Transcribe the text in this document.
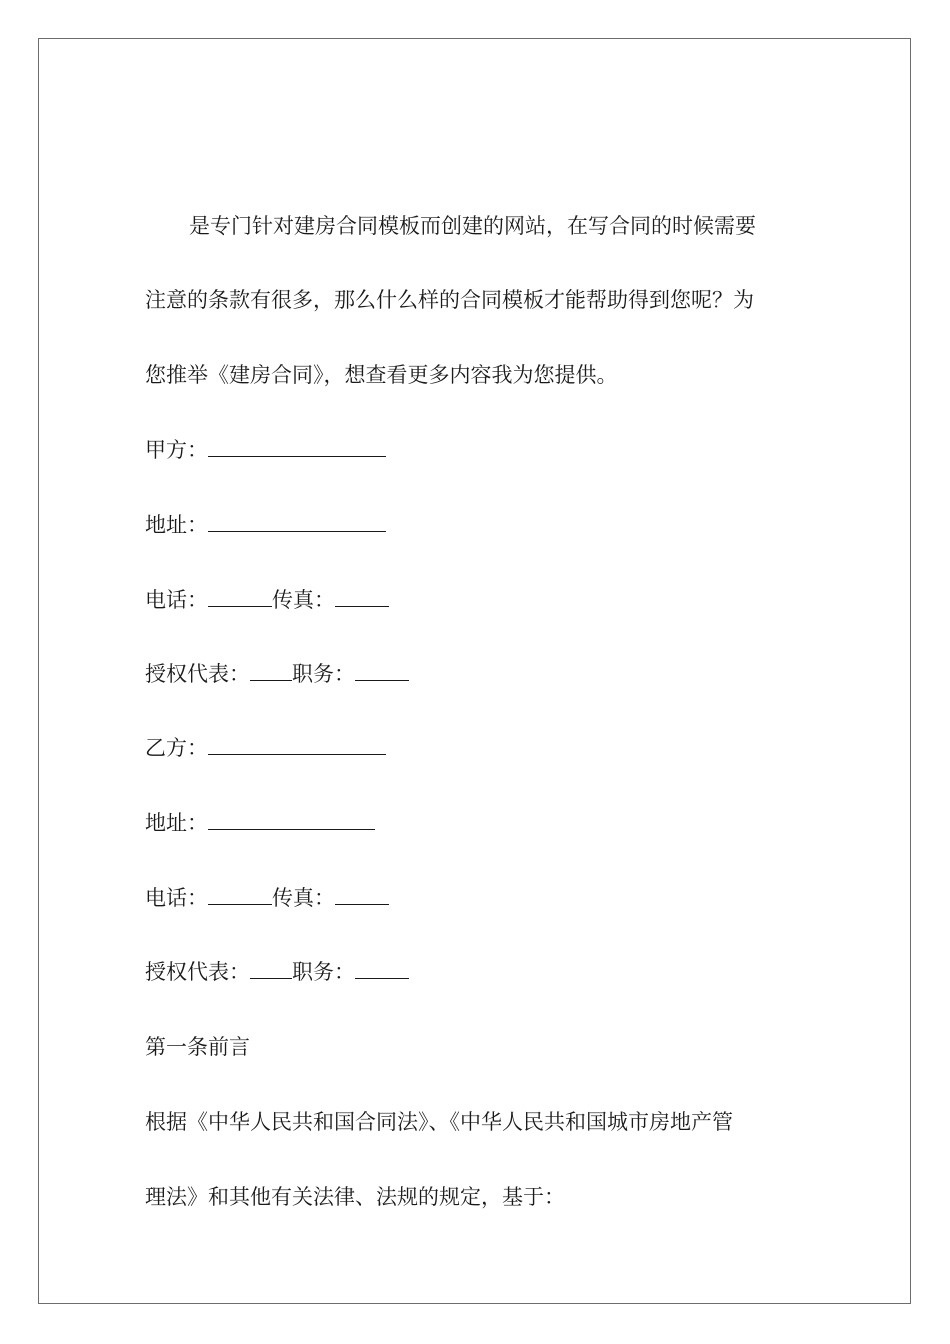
是专门针对建房合同模板而创建的网站，在写合同的时候需要
注意的条款有很多，那么什么样的合同模板才能帮助得到您呢？为
您推举《建房合同》，想查看更多内容我为您提供。
甲方：
地址：
电话：	传真：
授权代表： 职务：
乙方：
地址：
电话：	传真：
授权代表： 职务：
第一条前言
根据《中华人民共和国合同法》、《中华人民共和国城市房地产管
理法》和其他有关法律、法规的规定，基于：
